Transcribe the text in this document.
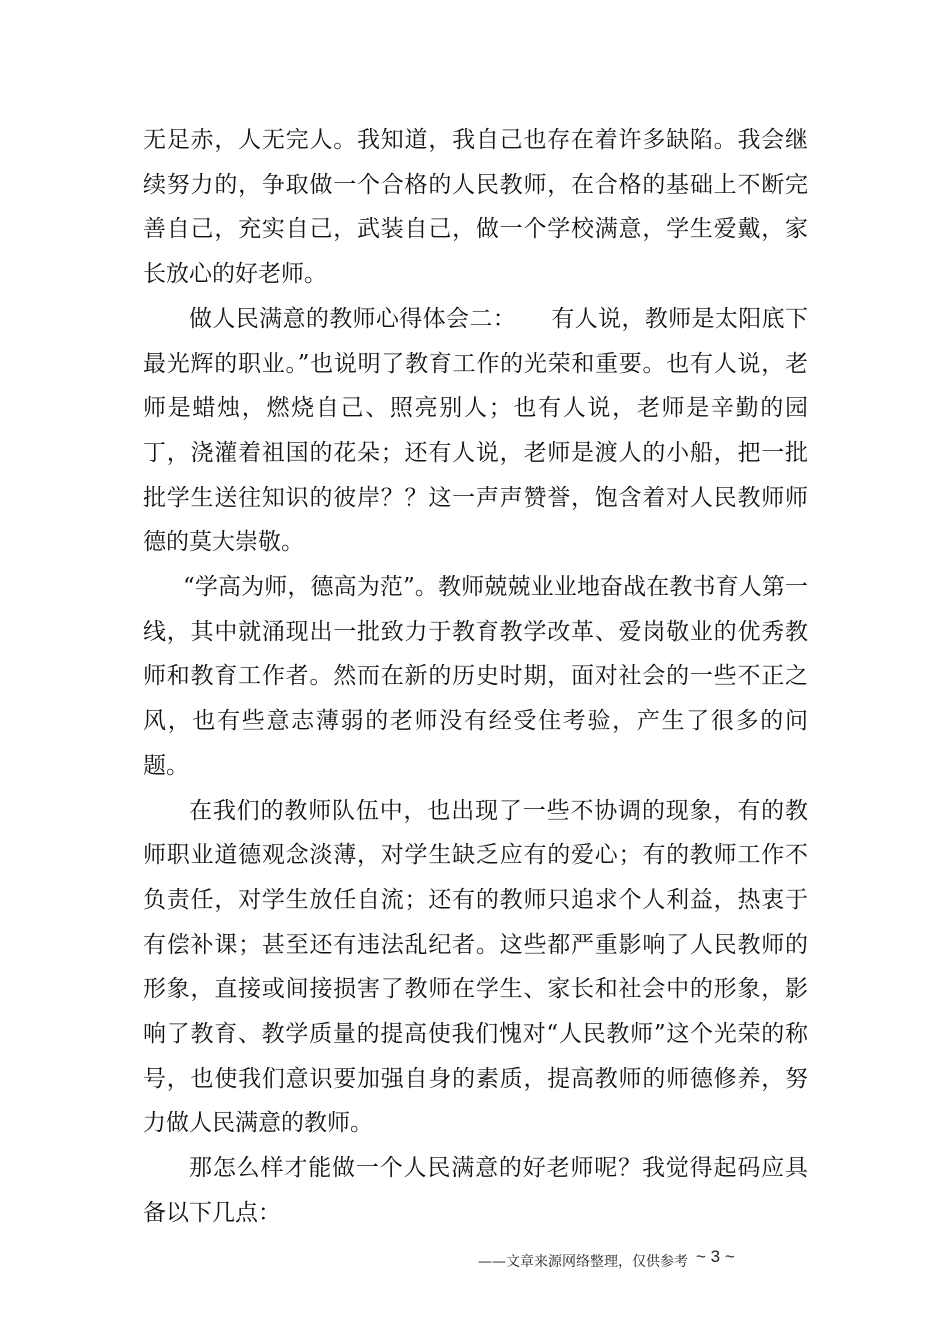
无足赤，人无完人。我知道，我自己也存在着许多缺陷。我会继续努力的，争取做一个合格的人民教师，在合格的基础上不断完善自己，充实自己，武装自己，做一个学校满意，学生爱戴，家长放心的好老师。

做人民满意的教师心得体会二：　　有人说，教师是太阳底下最光辉的职业。”也说明了教育工作的光荣和重要。也有人说，老师是蜡烛，燃烧自己、照亮别人；也有人说，老师是辛勤的园丁，浇灌着祖国的花朵；还有人说，老师是渡人的小船，把一批批学生送往知识的彼岸？？这一声声赞誉，饱含着对人民教师师德的莫大崇敬。

“学高为师，德高为范”。教师兢兢业业地奋战在教书育人第一线，其中就涌现出一批致力于教育教学改革、爱岗敬业的优秀教师和教育工作者。然而在新的历史时期，面对社会的一些不正之风，也有些意志薄弱的老师没有经受住考验，产生了很多的问题。

在我们的教师队伍中，也出现了一些不协调的现象，有的教师职业道德观念淡薄，对学生缺乏应有的爱心；有的教师工作不负责任，对学生放任自流；还有的教师只追求个人利益，热衷于有偿补课；甚至还有违法乱纪者。这些都严重影响了人民教师的形象，直接或间接损害了教师在学生、家长和社会中的形象，影响了教育、教学质量的提高使我们愧对“人民教师”这个光荣的称号，也使我们意识要加强自身的素质，提高教师的师德修养，努力做人民满意的教师。

那怎么样才能做一个人民满意的好老师呢？我觉得起码应具备以下几点：

——文章来源网络整理，仅供参考 ~ 3 ~
